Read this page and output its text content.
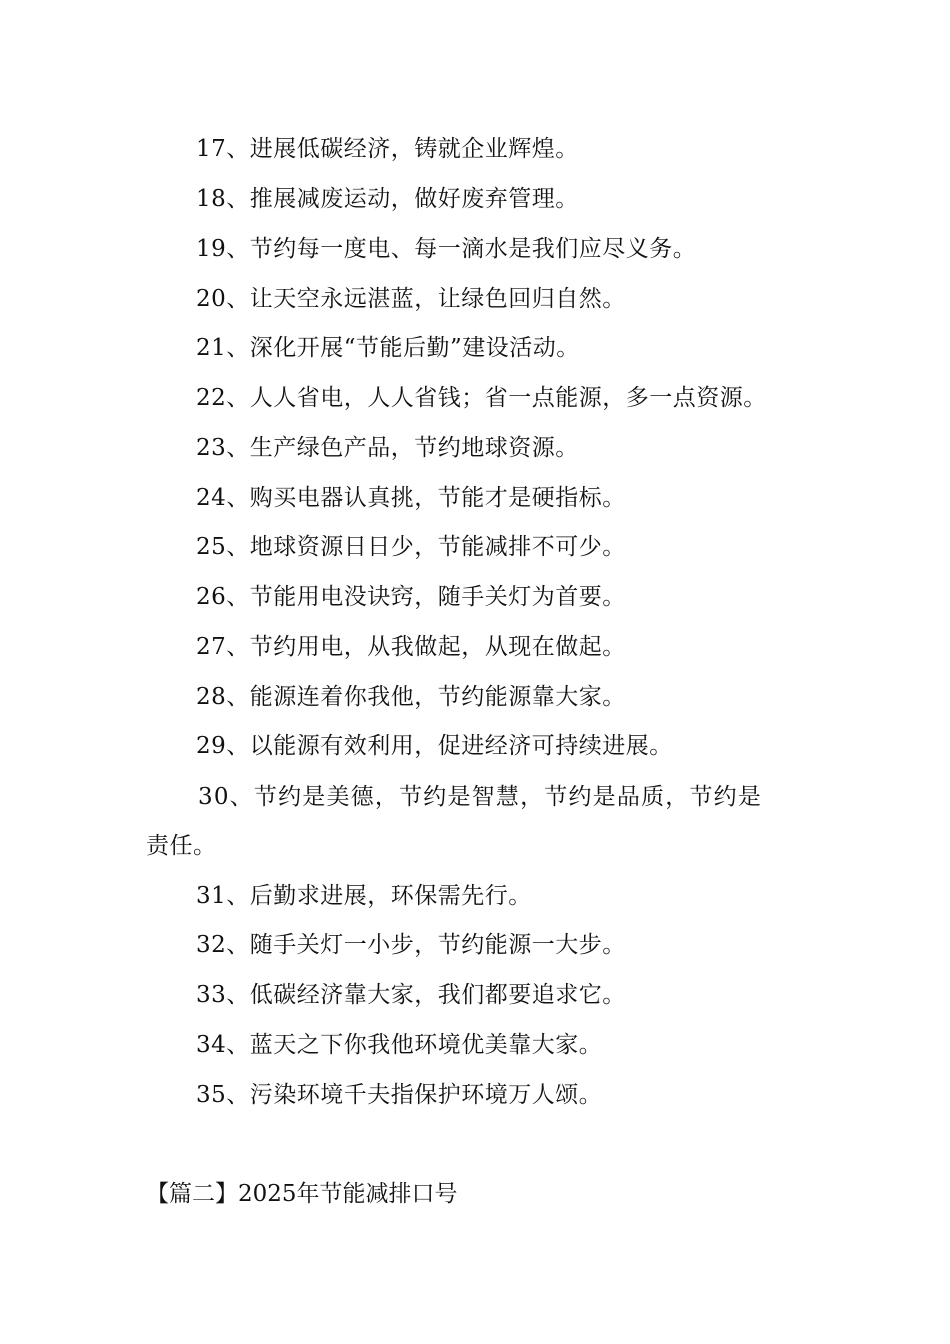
17、进展低碳经济，铸就企业辉煌。
18、推展减废运动，做好废弃管理。
19、节约每一度电、每一滴水是我们应尽义务。
20、让天空永远湛蓝，让绿色回归自然。
21、深化开展“节能后勤”建设活动。
22、人人省电，人人省钱；省一点能源，多一点资源。
23、生产绿色产品，节约地球资源。
24、购买电器认真挑，节能才是硬指标。
25、地球资源日日少，节能减排不可少。
26、节能用电没诀窍，随手关灯为首要。
27、节约用电，从我做起，从现在做起。
28、能源连着你我他，节约能源靠大家。
29、以能源有效利用，促进经济可持续进展。
30、节约是美德，节约是智慧，节约是品质，节约是
责任。
31、后勤求进展，环保需先行。
32、随手关灯一小步，节约能源一大步。
33、低碳经济靠大家，我们都要追求它。
34、蓝天之下你我他环境优美靠大家。
35、污染环境千夫指保护环境万人颂。
【篇二】2025年节能减排口号
